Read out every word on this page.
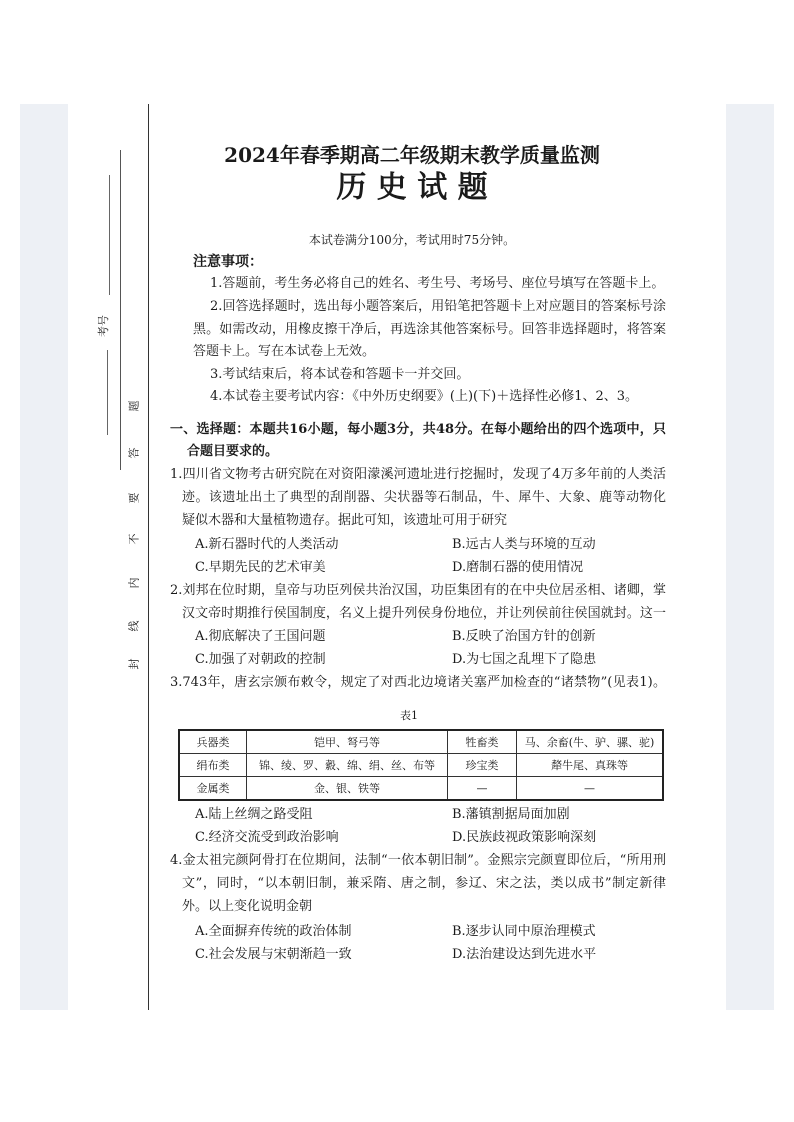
考号
题
答
要
不
内
线
封
2024年春季期高二年级期末教学质量监测
历 史 试 题
本试卷满分100分，考试用时75分钟。
注意事项：
1.答题前，考生务必将自己的姓名、考生号、考场号、座位号填写在答题卡上。
2.回答选择题时，选出每小题答案后，用铅笔把答题卡上对应题目的答案标号涂
黑。如需改动，用橡皮擦干净后，再选涂其他答案标号。回答非选择题时，将答案
答题卡上。写在本试卷上无效。
3.考试结束后，将本试卷和答题卡一并交回。
4.本试卷主要考试内容：《中外历史纲要》(上)(下)＋选择性必修1、2、3。
一、选择题：本题共16小题，每小题3分，共48分。在每小题给出的四个选项中，只
合题目要求的。
1.四川省文物考古研究院在对资阳濛溪河遗址进行挖掘时，发现了4万多年前的人类活
迹。该遗址出土了典型的刮削器、尖状器等石制品，牛、犀牛、大象、鹿等动物化
疑似木器和大量植物遗存。据此可知，该遗址可用于研究
A.新石器时代的人类活动	B.远古人类与环境的互动
C.早期先民的艺术审美	D.磨制石器的使用情况
2.刘邦在位时期，皇帝与功臣列侯共治汉国，功臣集团有的在中央位居丞相、诸卿，掌
汉文帝时期推行侯国制度，名义上提升列侯身份地位，并让列侯前往侯国就封。这一
A.彻底解决了王国问题	B.反映了治国方针的创新
C.加强了对朝政的控制	D.为七国之乱埋下了隐患
3.743年，唐玄宗颁布敕令，规定了对西北边境诸关塞严加检查的“诸禁物”(见表1)。
表1
兵器类	铠甲、弩弓等	牲畜类	马、余畜(牛、驴、骡、驼)
绢布类	锦、绫、罗、縠、绵、绢、丝、布等	珍宝类	犛牛尾、真珠等
金属类	金、银、铁等	—	—
A.陆上丝绸之路受阻	B.藩镇割据局面加剧
C.经济交流受到政治影响	D.民族歧视政策影响深刻
4.金太祖完颜阿骨打在位期间，法制“一依本朝旧制”。金熙宗完颜亶即位后，“所用刑
文”，同时，“以本朝旧制，兼采隋、唐之制，参辽、宋之法，类以成书”制定新律
外。以上变化说明金朝
A.全面摒弃传统的政治体制	B.逐步认同中原治理模式
C.社会发展与宋朝渐趋一致	D.法治建设达到先进水平
